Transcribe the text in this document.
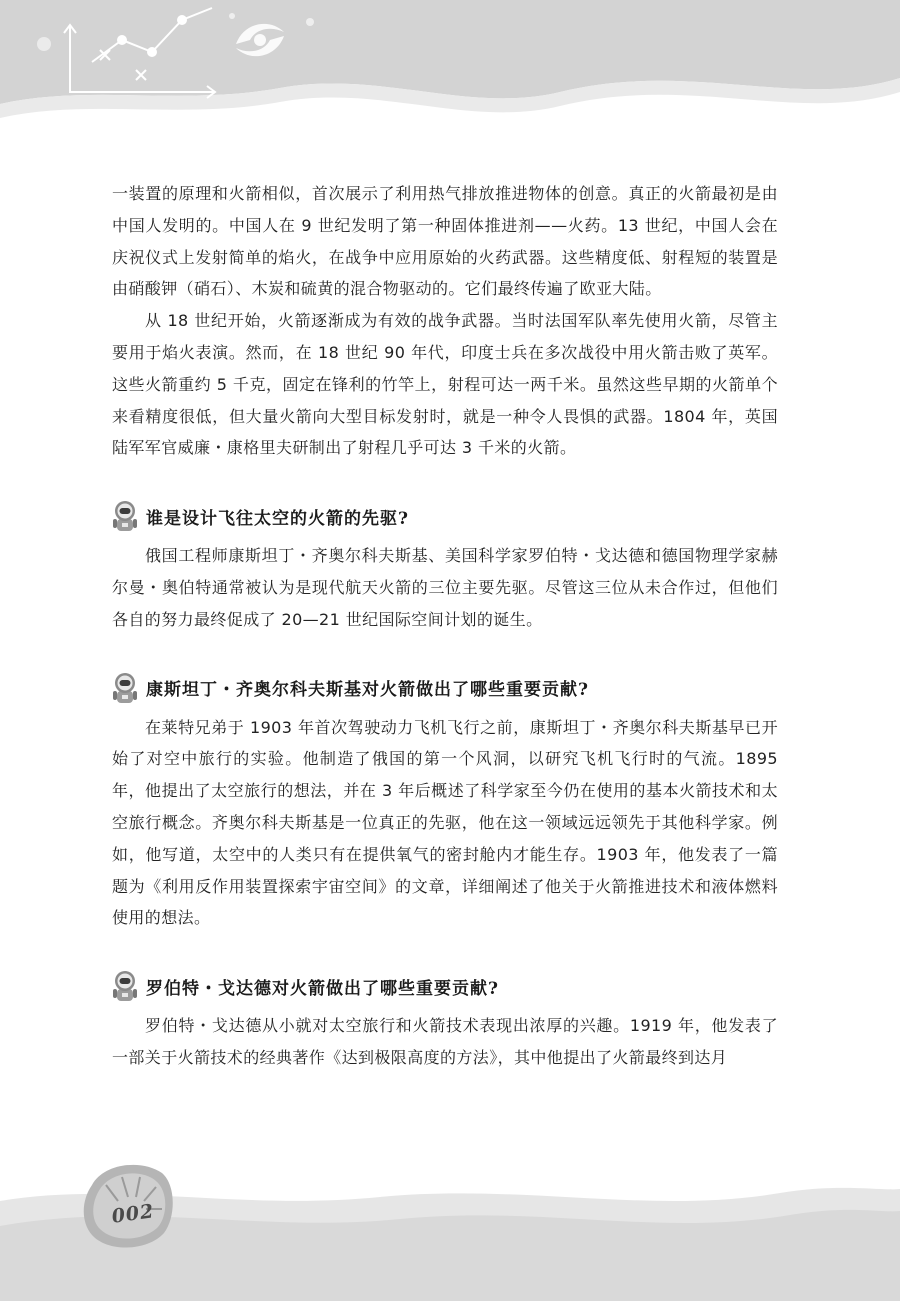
002

一装置的原理和火箭相似，首次展示了利用热气排放推进物体的创意。真正的火箭最初是由中国人发明的。中国人在 9 世纪发明了第一种固体推进剂——火药。13 世纪，中国人会在庆祝仪式上发射简单的焰火，在战争中应用原始的火药武器。这些精度低、射程短的装置是由硝酸钾（硝石）、木炭和硫黄的混合物驱动的。它们最终传遍了欧亚大陆。

从 18 世纪开始，火箭逐渐成为有效的战争武器。当时法国军队率先使用火箭，尽管主要用于焰火表演。然而，在 18 世纪 90 年代，印度士兵在多次战役中用火箭击败了英军。这些火箭重约 5 千克，固定在锋利的竹竿上，射程可达一两千米。虽然这些早期的火箭单个来看精度很低，但大量火箭向大型目标发射时，就是一种令人畏惧的武器。1804 年，英国陆军军官威廉・康格里夫研制出了射程几乎可达 3 千米的火箭。

谁是设计飞往太空的火箭的先驱?

俄国工程师康斯坦丁・齐奥尔科夫斯基、美国科学家罗伯特・戈达德和德国物理学家赫尔曼・奥伯特通常被认为是现代航天火箭的三位主要先驱。尽管这三位从未合作过，但他们各自的努力最终促成了 20—21 世纪国际空间计划的诞生。

康斯坦丁・齐奥尔科夫斯基对火箭做出了哪些重要贡献?

在莱特兄弟于 1903 年首次驾驶动力飞机飞行之前，康斯坦丁・齐奥尔科夫斯基早已开始了对空中旅行的实验。他制造了俄国的第一个风洞，以研究飞机飞行时的气流。1895 年，他提出了太空旅行的想法，并在 3 年后概述了科学家至今仍在使用的基本火箭技术和太空旅行概念。齐奥尔科夫斯基是一位真正的先驱，他在这一领域远远领先于其他科学家。例如，他写道，太空中的人类只有在提供氧气的密封舱内才能生存。1903 年，他发表了一篇题为《利用反作用装置探索宇宙空间》的文章，详细阐述了他关于火箭推进技术和液体燃料使用的想法。

罗伯特・戈达德对火箭做出了哪些重要贡献?

罗伯特・戈达德从小就对太空旅行和火箭技术表现出浓厚的兴趣。1919 年，他发表了一部关于火箭技术的经典著作《达到极限高度的方法》，其中他提出了火箭最终到达月
